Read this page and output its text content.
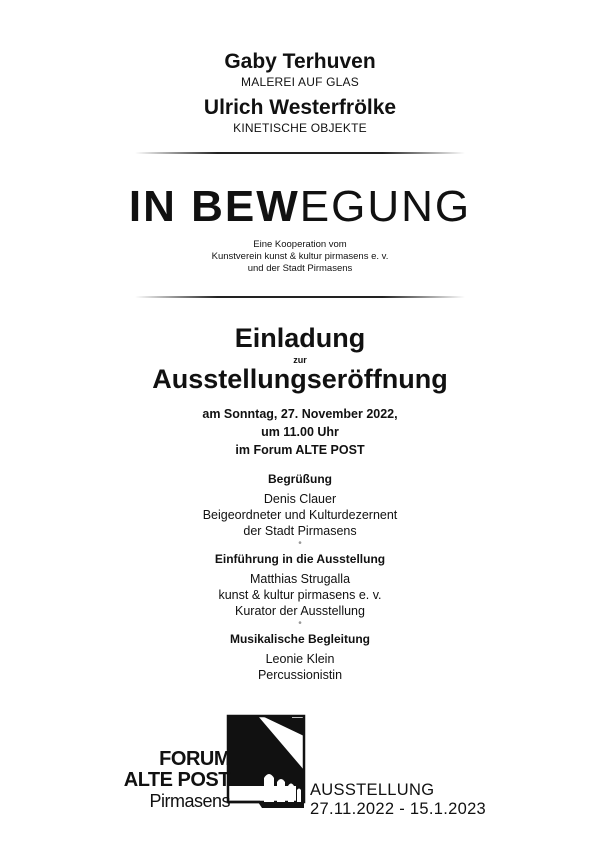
Gaby Terhuven
MALEREI AUF GLAS
Ulrich Westerfrölke
KINETISCHE OBJEKTE
IN BEWEGUNG
Eine Kooperation vom
Kunstverein kunst & kultur pirmasens e. v.
und der Stadt Pirmasens
Einladung
zur
Ausstellungseröffnung
am Sonntag, 27. November 2022,
um 11.00 Uhr
im Forum ALTE POST
Begrüßung
Denis Clauer
Beigeordneter und Kulturdezernent
der Stadt Pirmasens
•
Einführung in die Ausstellung
Matthias Strugalla
kunst & kultur pirmasens e. v.
Kurator der Ausstellung
•
Musikalische Begleitung
Leonie Klein
Percussionistin
FORUM
ALTE POST
Pirmasens
AUSSTELLUNG
27.11.2022 - 15.1.2023
